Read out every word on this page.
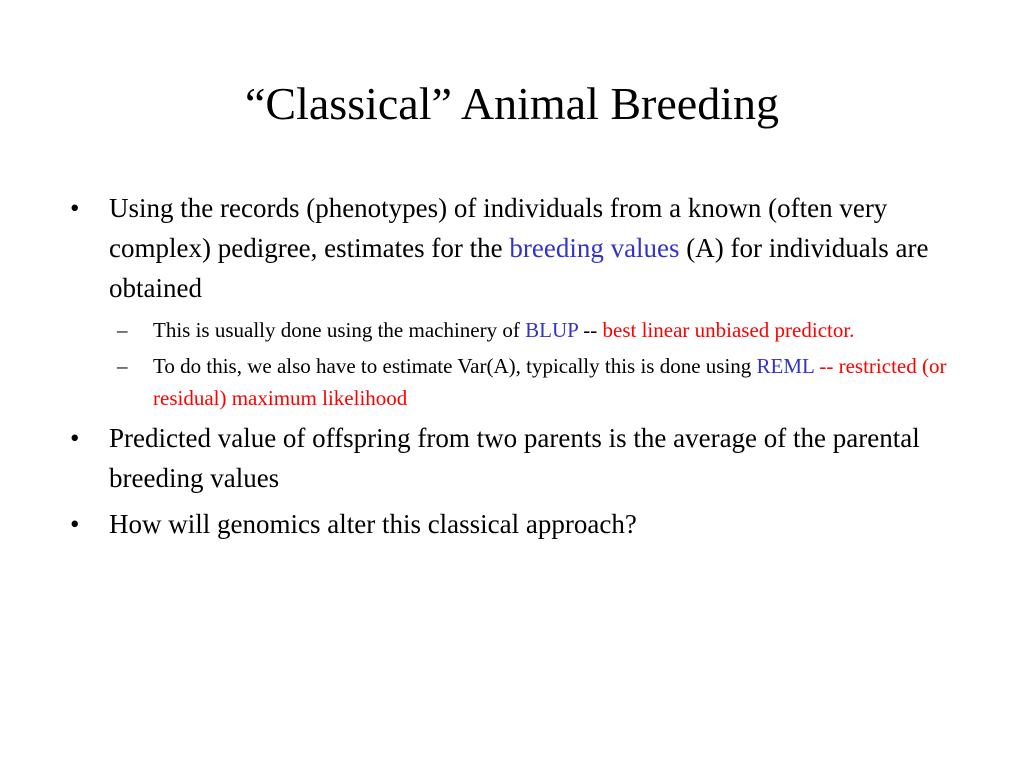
“Classical” Animal Breeding
• Using the records (phenotypes) of individuals from a known (often very complex) pedigree, estimates for the breeding values (A) for individuals are obtained
– This is usually done using the machinery of BLUP -- best linear unbiased predictor.
– To do this, we also have to estimate Var(A), typically this is done using REML -- restricted (or residual) maximum likelihood
• Predicted value of offspring from two parents is the average of the parental breeding values
• How will genomics alter this classical approach?
